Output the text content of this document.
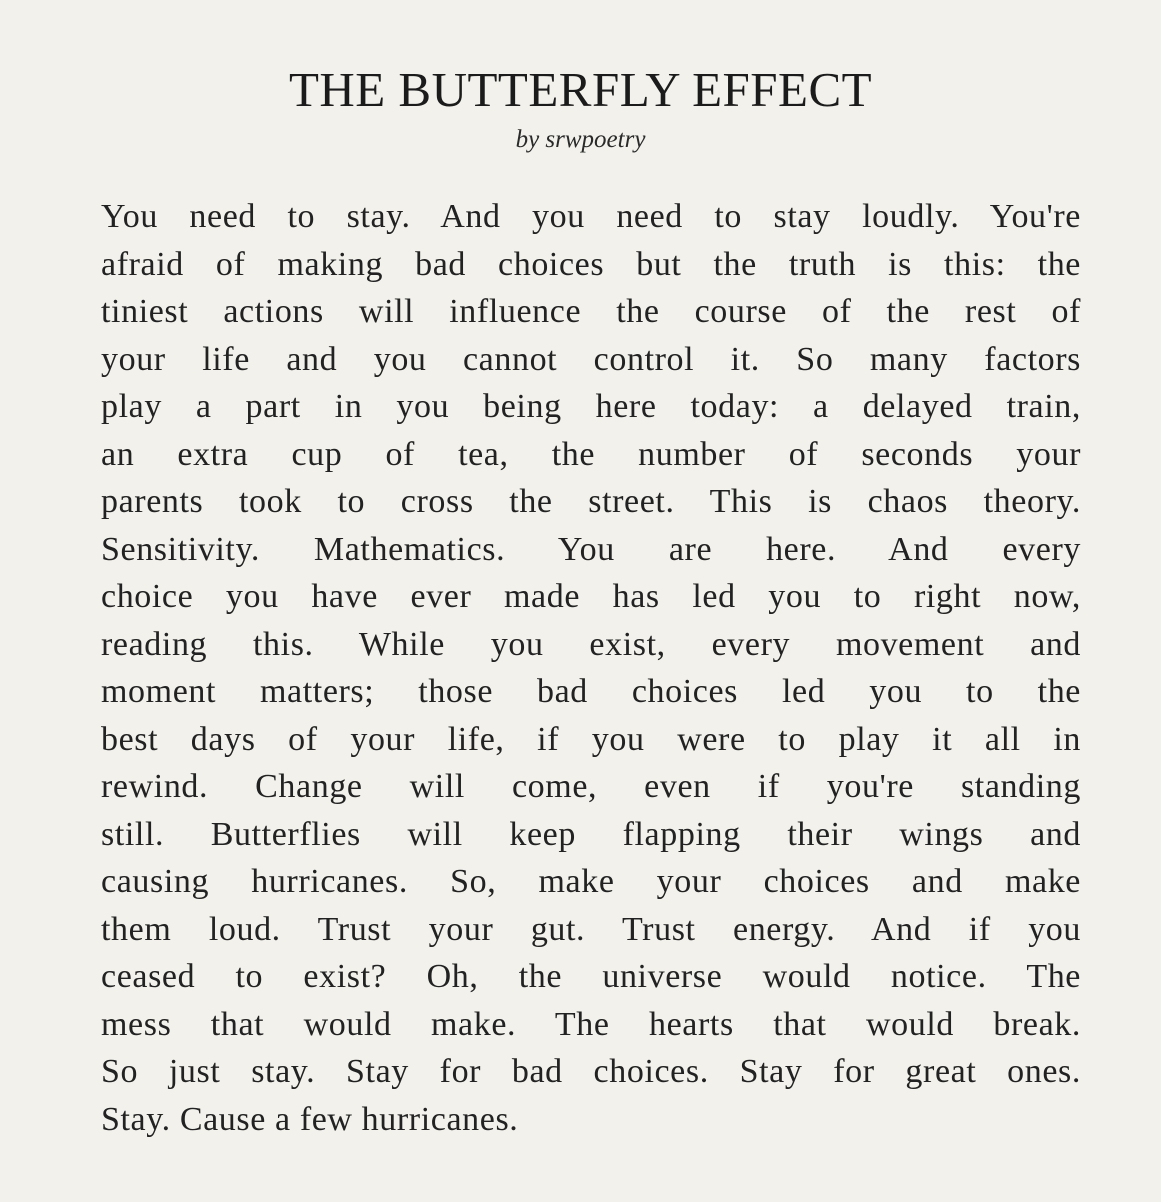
THE BUTTERFLY EFFECT
by srwpoetry
You need to stay. And you need to stay loudly. You're
afraid of making bad choices but the truth is this: the
tiniest actions will influence the course of the rest of
your life and you cannot control it. So many factors
play a part in you being here today: a delayed train,
an extra cup of tea, the number of seconds your
parents took to cross the street. This is chaos theory.
Sensitivity. Mathematics. You are here. And every
choice you have ever made has led you to right now,
reading this. While you exist, every movement and
moment matters; those bad choices led you to the
best days of your life, if you were to play it all in
rewind. Change will come, even if you're standing
still. Butterflies will keep flapping their wings and
causing hurricanes. So, make your choices and make
them loud. Trust your gut. Trust energy. And if you
ceased to exist? Oh, the universe would notice. The
mess that would make. The hearts that would break.
So just stay. Stay for bad choices. Stay for great ones.
Stay. Cause a few hurricanes.
